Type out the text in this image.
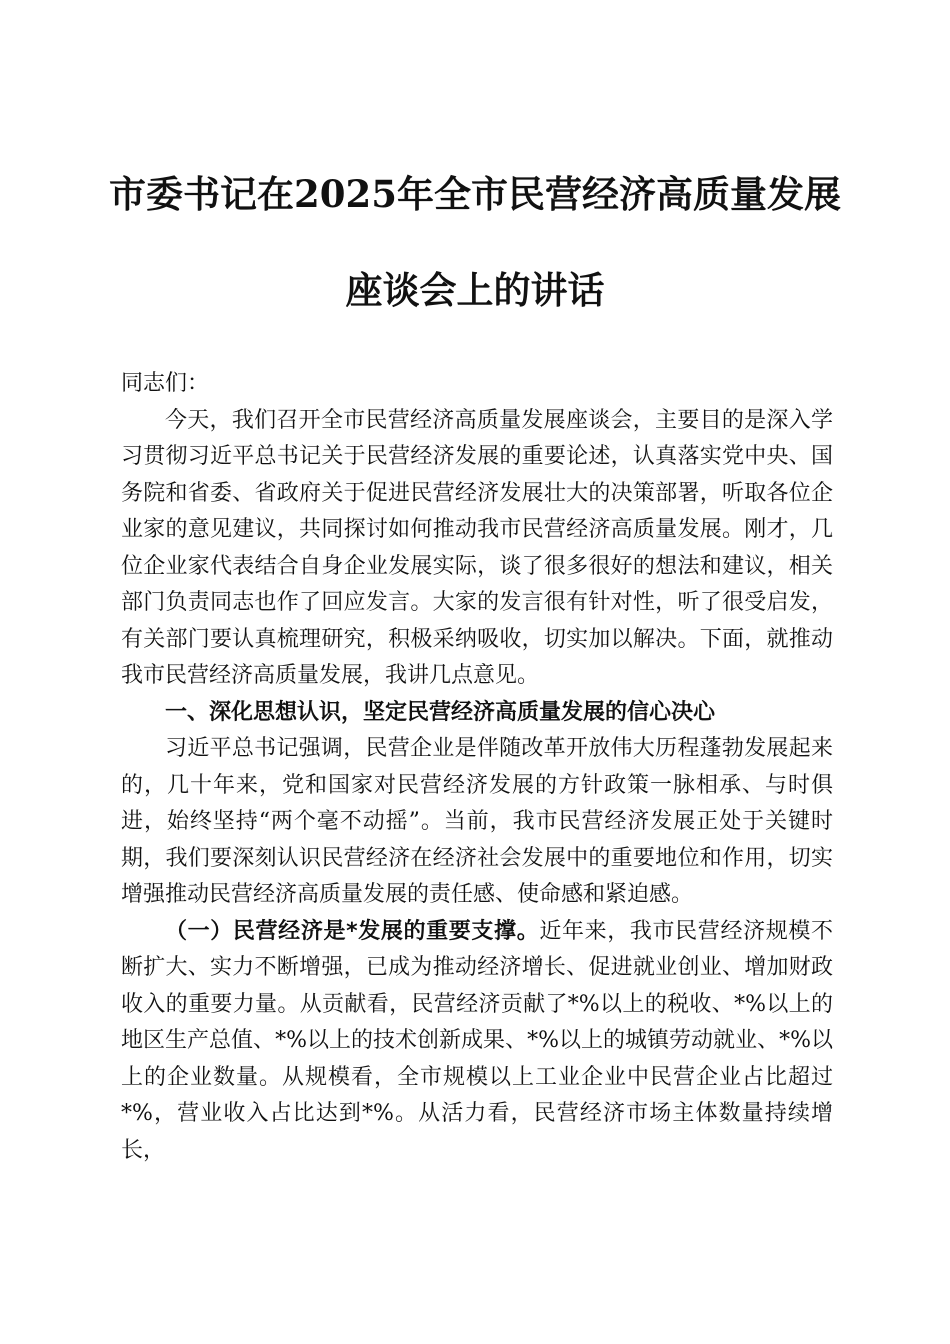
市委书记在2025年全市民营经济高质量发展
座谈会上的讲话

同志们：

今天，我们召开全市民营经济高质量发展座谈会，主要目的是深入学习贯彻习近平总书记关于民营经济发展的重要论述，认真落实党中央、国务院和省委、省政府关于促进民营经济发展壮大的决策部署，听取各位企业家的意见建议，共同探讨如何推动我市民营经济高质量发展。刚才，几位企业家代表结合自身企业发展实际，谈了很多很好的想法和建议，相关部门负责同志也作了回应发言。大家的发言很有针对性，听了很受启发，有关部门要认真梳理研究，积极采纳吸收，切实加以解决。下面，就推动我市民营经济高质量发展，我讲几点意见。

一、深化思想认识，坚定民营经济高质量发展的信心决心

习近平总书记强调，民营企业是伴随改革开放伟大历程蓬勃发展起来的，几十年来，党和国家对民营经济发展的方针政策一脉相承、与时俱进，始终坚持“两个毫不动摇”。当前，我市民营经济发展正处于关键时期，我们要深刻认识民营经济在经济社会发展中的重要地位和作用，切实增强推动民营经济高质量发展的责任感、使命感和紧迫感。

（一）民营经济是*发展的重要支撑。近年来，我市民营经济规模不断扩大、实力不断增强，已成为推动经济增长、促进就业创业、增加财政收入的重要力量。从贡献看，民营经济贡献了*%以上的税收、*%以上的地区生产总值、*%以上的技术创新成果、*%以上的城镇劳动就业、*%以上的企业数量。从规模看，全市规模以上工业企业中民营企业占比超过*%，营业收入占比达到*%。从活力看，民营经济市场主体数量持续增长，
